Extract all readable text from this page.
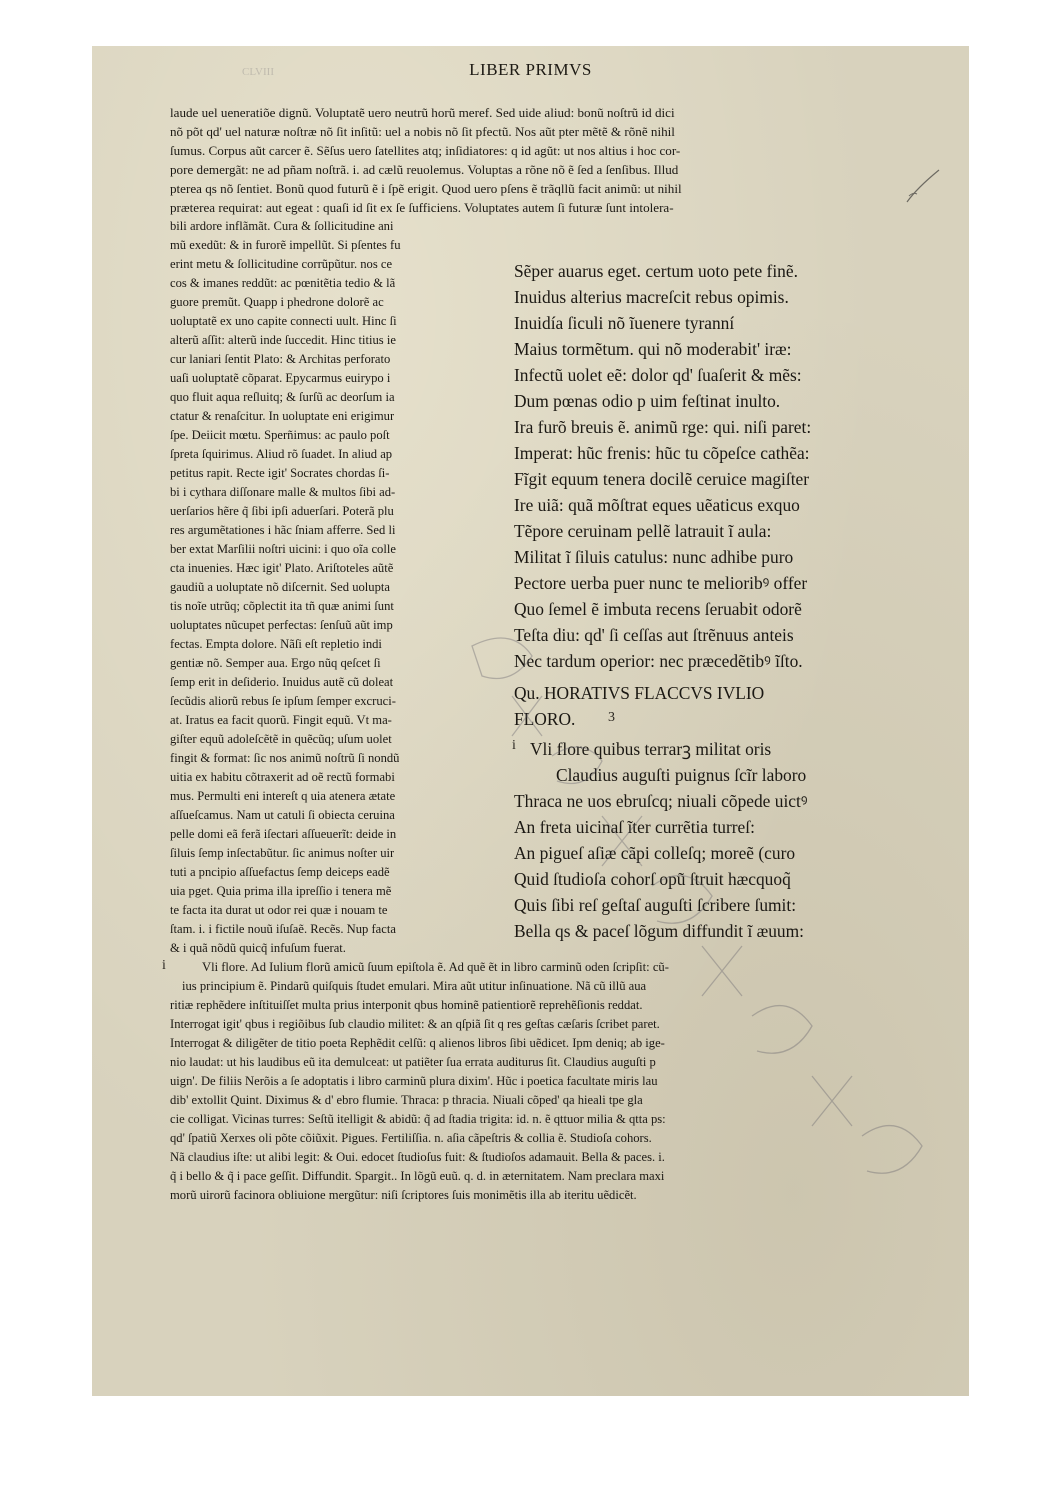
CLVIII	LIBER PRIMVS
laude uel ueneratiõe dignũ. Voluptatẽ uero neutrũ horũ meref. Sed uide aliud: bonũ noſtrũ id dici
nõ põt qd' uel naturæ noſtræ nõ ſit inſitũ: uel a nobis nõ ſit pfectũ. Nos aũt pter mẽtẽ & rõnẽ nihil
ſumus. Corpus aũt carcer ẽ. Sẽſus uero ſatellites atq; inſidiatores: q id agũt: ut nos altius i hoc cor-
pore demergãt: ne ad pñam noſtrã. i. ad cælũ reuolemus. Voluptas a rõne nõ ẽ ſed a ſenſibus. Illud
pterea qs nõ ſentiet. Bonũ quod futurũ ẽ i ſpẽ erigit. Quod uero pſens ẽ trãqllũ facit animũ: ut nihil
præterea requirat: aut egeat : quaſi id ſit ex ſe ſufficiens. Voluptates autem ſi futuræ ſunt intolera-
bili ardore inflãmãt. Cura & ſollicitudine ani
mũ exedũt: & in furorẽ impellũt. Si pſentes fu
erint metu & ſollicitudine corrũpũtur. nos ce
cos & imanes reddũt: ac pœnitẽtia tedio & lã
guore premũt. Quapp i phedrone dolorẽ ac
uoluptatẽ ex uno capite connecti uult. Hinc ſi
alterũ aſſit: alterũ inde ſuccedit. Hinc titius ie
cur laniari ſentit Plato: & Architas perforato
uaſi uoluptatẽ cõparat. Epycarmus euirypo i
quo fluit aqua reſluitq; & ſurſũ ac deorſum ia
ctatur & renaſcitur. In uoluptate eni erigimur
ſpe. Deiicit mœtu. Sperñimus: ac paulo poſt
ſpreta ſquirimus. Aliud rõ ſuadet. In aliud ap
petitus rapit. Recte igit' Socrates chordas ſi-
bi i cythara diſſonare malle & multos ſibi ad-
uerſarios hẽre q̃ ſibi ipſi aduerſari. Poterã plu
res argumẽtationes i hãc ſniam afferre. Sed li
ber extat Marſilii noſtri uicini: i quo oĩa colle
cta inuenies. Hæc igit' Plato. Ariſtoteles aũtẽ
gaudiũ a uoluptate nõ diſcernit. Sed uolupta
tis noĩe utrũq; cõplectit ita tñ quæ animi ſunt
uoluptates nũcupet perfectas: ſenſuũ aũt imp
fectas. Empta dolore. Nãſi eſt repletio indi
gentiæ nõ. Semper aua. Ergo nũq qeſcet ſi
ſemp erit in deſiderio. Inuidus autẽ cũ doleat
ſecũdis aliorũ rebus ſe ipſum ſemper excruci-
at. Iratus ea facit quorũ. Fingit equũ. Vt ma-
giſter equũ adoleſcẽtẽ in quẽcũq; uſum uolet
fingit & format: ſic nos animũ noſtrũ ſi nondũ
uitia ex habitu cõtraxerit ad oẽ rectũ formabi
mus. Permulti eni intereſt q uia atenera ætate
aſſueſcamus. Nam ut catuli ſi obiecta ceruina
pelle domi eã ferã iſectari aſſueuerĩt: deide in
ſiluis ſemp inſectabũtur. ſic animus noſter uir
tuti a pncipio aſſuefactus ſemp deiceps eadẽ
uia pget. Quia prima illa ipreſſio i tenera mẽ
te facta ita durat ut odor rei quæ i nouam te
ſtam. i. i fictile nouũ iſuſaẽ. Recẽs. Nup facta
& i quã nõdũ quicq̃ infuſum fuerat.
Sẽper auarus eget. certum uoto pete finẽ.
Inuidus alterius macreſcit rebus opimis.
Inuidía ſiculi nõ ĩuenere tyranní
Maius tormẽtum. qui nõ moderabit' iræ:
Infectũ uolet eẽ: dolor qd' ſuaſerit & mẽs:
Dum pœnas odio p uim feſtinat inulto.
Ira furõ breuis ẽ. animũ rge: qui. niſi paret:
Imperat: hũc frenis: hũc tu cõpeſce cathẽa:
Fĩgit equum tenera docilẽ ceruice magiſter
Ire uiã: quã mõſtrat eques uẽaticus exquo
Tẽpore ceruinam pellẽ latrauit ĩ aula:
Militat ĩ ſiluis catulus: nunc adhibe puro
Pectore uerba puer nunc te melioribꝰ offer
Quo ſemel ẽ imbuta recens ſeruabit odorẽ
Teſta diu: qd' ſi ceſſas aut ſtrẽnuus anteis
Nec tardum operior: nec præcedẽtibꝰ ĩſto.
Qu. HORATIVS FLACCVS IVLIO
FLORO. 3
i Vli flore quibus terrarꝫ militat oris
Claudius auguſti puignus ſcĩr laboro
Thraca ne uos ebruſcq; niuali cõpede uictꝰ
An freta uicinaſ ĩter currẽtia turreſ:
An pigueſ aſiæ cãpi colleſq; moreẽ (curo
Quid ſtudioſa cohorſ opũ ſtruit hæcquoq̃
Quis ſibi reſ geſtaſ auguſti ſcribere ſumit:
Bella qs & paceſ lõgum diffundit ĩ æuum:
i	Vli flore. Ad Iulium florũ amicũ ſuum epiſtola ẽ. Ad quẽ ẽt in libro carminũ oden ſcripſit: cũ-
ius principium ẽ. Pindarũ quiſquis ſtudet emulari. Mira aũt utitur inſinuatione. Nã cũ illũ aua
ritiæ rephẽdere inſtituiſſet multa prius interponit qbus hominẽ patientiorẽ reprehẽſionis reddat.
Interrogat igit' qbus i regiõibus ſub claudio militet: & an qſpiã ſit q res geſtas cæſaris ſcribet paret.
Interrogat & diligẽter de titio poeta Rephẽdit celſũ: q alienos libros ſibi uẽdicet. Ipm deniq; ab ige-
nio laudat: ut his laudibus eũ ita demulceat: ut patiẽter ſua errata auditurus ſit. Claudius auguſti p
uign'. De filiis Nerõis a ſe adoptatis i libro carminũ plura dixim'. Hũc i poetica facultate miris lau
dib' extollit Quint. Diximus & d' ebro flumie. Thraca: p thracia. Niuali cõped' qa hieali tpe gla
cie colligat. Vicinas turres: Seſtũ itelligit & abidũ: q̃ ad ſtadia trigita: id. n. ẽ qttuor milia & qtta ps:
qd' ſpatiũ Xerxes oli põte cõiũxit. Pigues. Fertiliſſia. n. aſia cãpeſtris & collia ẽ. Studioſa cohors.
Nã claudius iſte: ut alibi legit: & Oui. edocet ſtudioſus fuit: & ſtudioſos adamauit. Bella & paces. i.
q̃ i bello & q̃ i pace geſſit. Diffundit. Spargit.. In lõgũ euũ. q. d. in æternitatem. Nam preclara maxi
morũ uirorũ facinora obliuione mergũtur: niſi ſcriptores ſuis monimẽtis illa ab iteritu uẽdicẽt.
